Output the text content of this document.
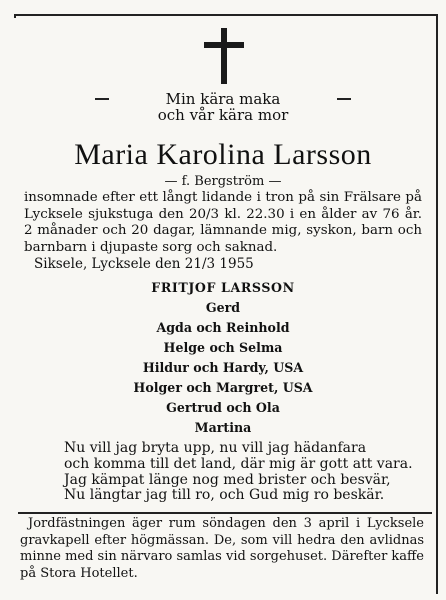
Min kära maka
och vår kära mor
Maria Karolina Larsson
— f. Bergström —
insomnade efter ett långt lidande i tron på sin Frälsare på
Lycksele sjukstuga den 20/3 kl. 22.30 i en ålder av 76 år.
2 månader och 20 dagar, lämnande mig, syskon, barn och
barnbarn i djupaste sorg och saknad.
Siksele, Lycksele den 21/3 1955
FRITJOF LARSSON
Gerd
Agda och Reinhold
Helge och Selma
Hildur och Hardy, USA
Holger och Margret, USA
Gertrud och Ola
Martina
Nu vill jag bryta upp, nu vill jag hädanfara
och komma till det land, där mig är gott att vara.
Jag kämpat länge nog med brister och besvär,
Nu längtar jag till ro, och Gud mig ro beskär.
Jordfästningen äger rum söndagen den 3 april i Lycksele
gravkapell efter högmässan. De, som vill hedra den avlidnas
minne med sin närvaro samlas vid sorgehuset. Därefter kaffe
på Stora Hotellet.
